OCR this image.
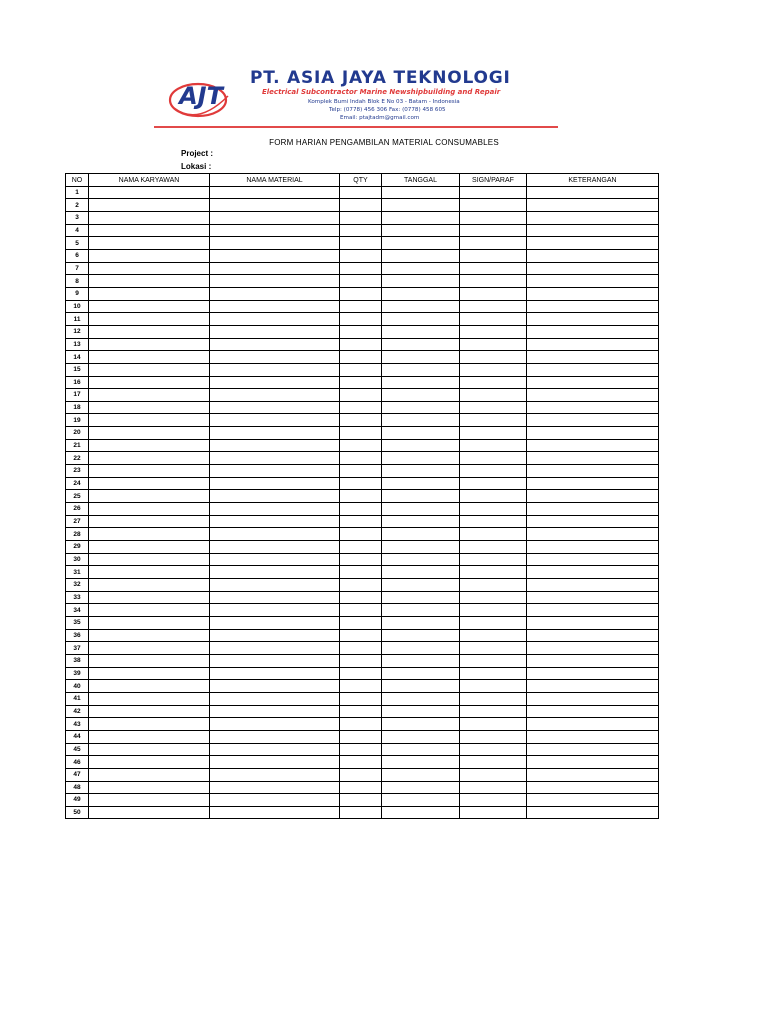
AJT
PT. ASIA JAYA TEKNOLOGI
Electrical Subcontractor Marine Newshipbuilding and Repair
Komplek Bumi Indah Blok E No 03 - Batam - Indonesia
Telp: (0778) 456 306 Fax: (0778) 458 605
Email: ptajtadm@gmail.com
FORM HARIAN PENGAMBILAN MATERIAL CONSUMABLES
Project :
Lokasi :
NO	NAMA KARYAWAN	NAMA MATERIAL	QTY	TANGGAL	SIGN/PARAF	KETERANGAN
1						
2						
3						
4						
5						
6						
7						
8						
9						
10						
11						
12						
13						
14						
15						
16						
17						
18						
19						
20						
21						
22						
23						
24						
25						
26						
27						
28						
29						
30						
31						
32						
33						
34						
35						
36						
37						
38						
39						
40						
41						
42						
43						
44						
45						
46						
47						
48						
49						
50						
